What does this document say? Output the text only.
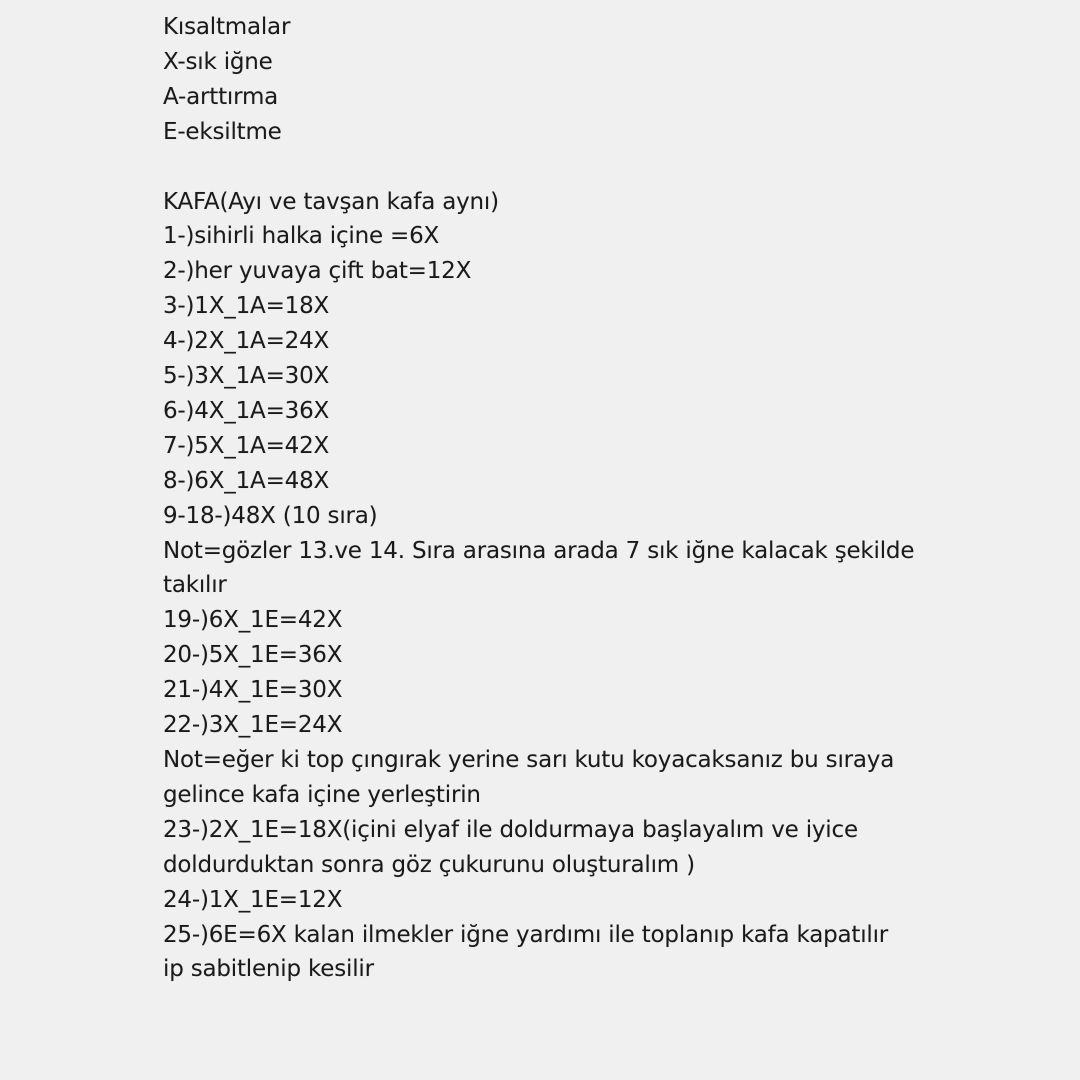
Kısaltmalar
X-sık iğne
A-arttırma
E-eksiltme
KAFA(Ayı ve tavşan kafa aynı)
1-)sihirli halka içine =6X
2-)her yuvaya çift bat=12X
3-)1X_1A=18X
4-)2X_1A=24X
5-)3X_1A=30X
6-)4X_1A=36X
7-)5X_1A=42X
8-)6X_1A=48X
9-18-)48X (10 sıra)
Not=gözler 13.ve 14. Sıra arasına arada 7 sık iğne kalacak şekilde
takılır
19-)6X_1E=42X
20-)5X_1E=36X
21-)4X_1E=30X
22-)3X_1E=24X
Not=eğer ki top çıngırak yerine sarı kutu koyacaksanız bu sıraya
gelince kafa içine yerleştirin
23-)2X_1E=18X(içini elyaf ile doldurmaya başlayalım ve iyice
doldurduktan sonra göz çukurunu oluşturalım )
24-)1X_1E=12X
25-)6E=6X kalan ilmekler iğne yardımı ile toplanıp kafa kapatılır
ip sabitlenip kesilir
